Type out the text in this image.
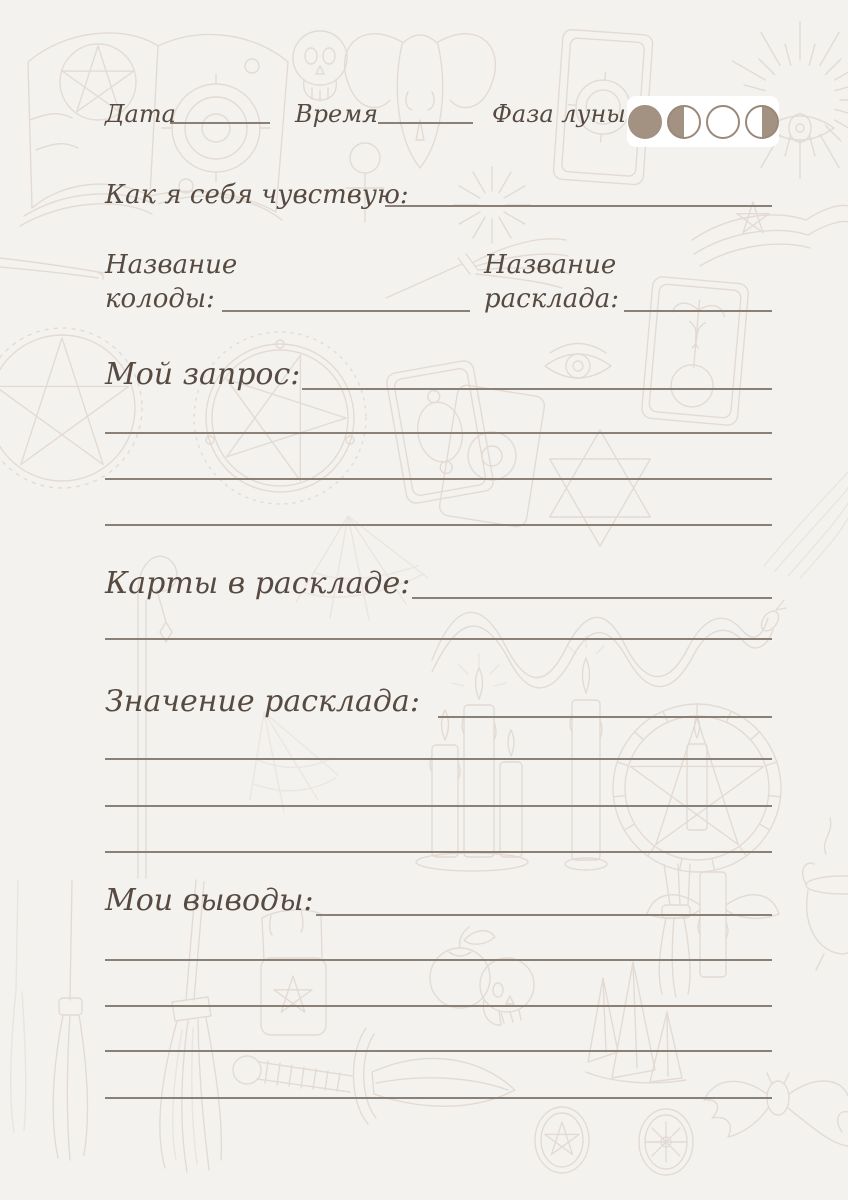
Дата	Время	Фаза луны
Как я себя чувствую:
Название
колоды:
Название
расклада:
Мой запрос:
Карты в раскладе:
Значение расклада:
Мои выводы:
